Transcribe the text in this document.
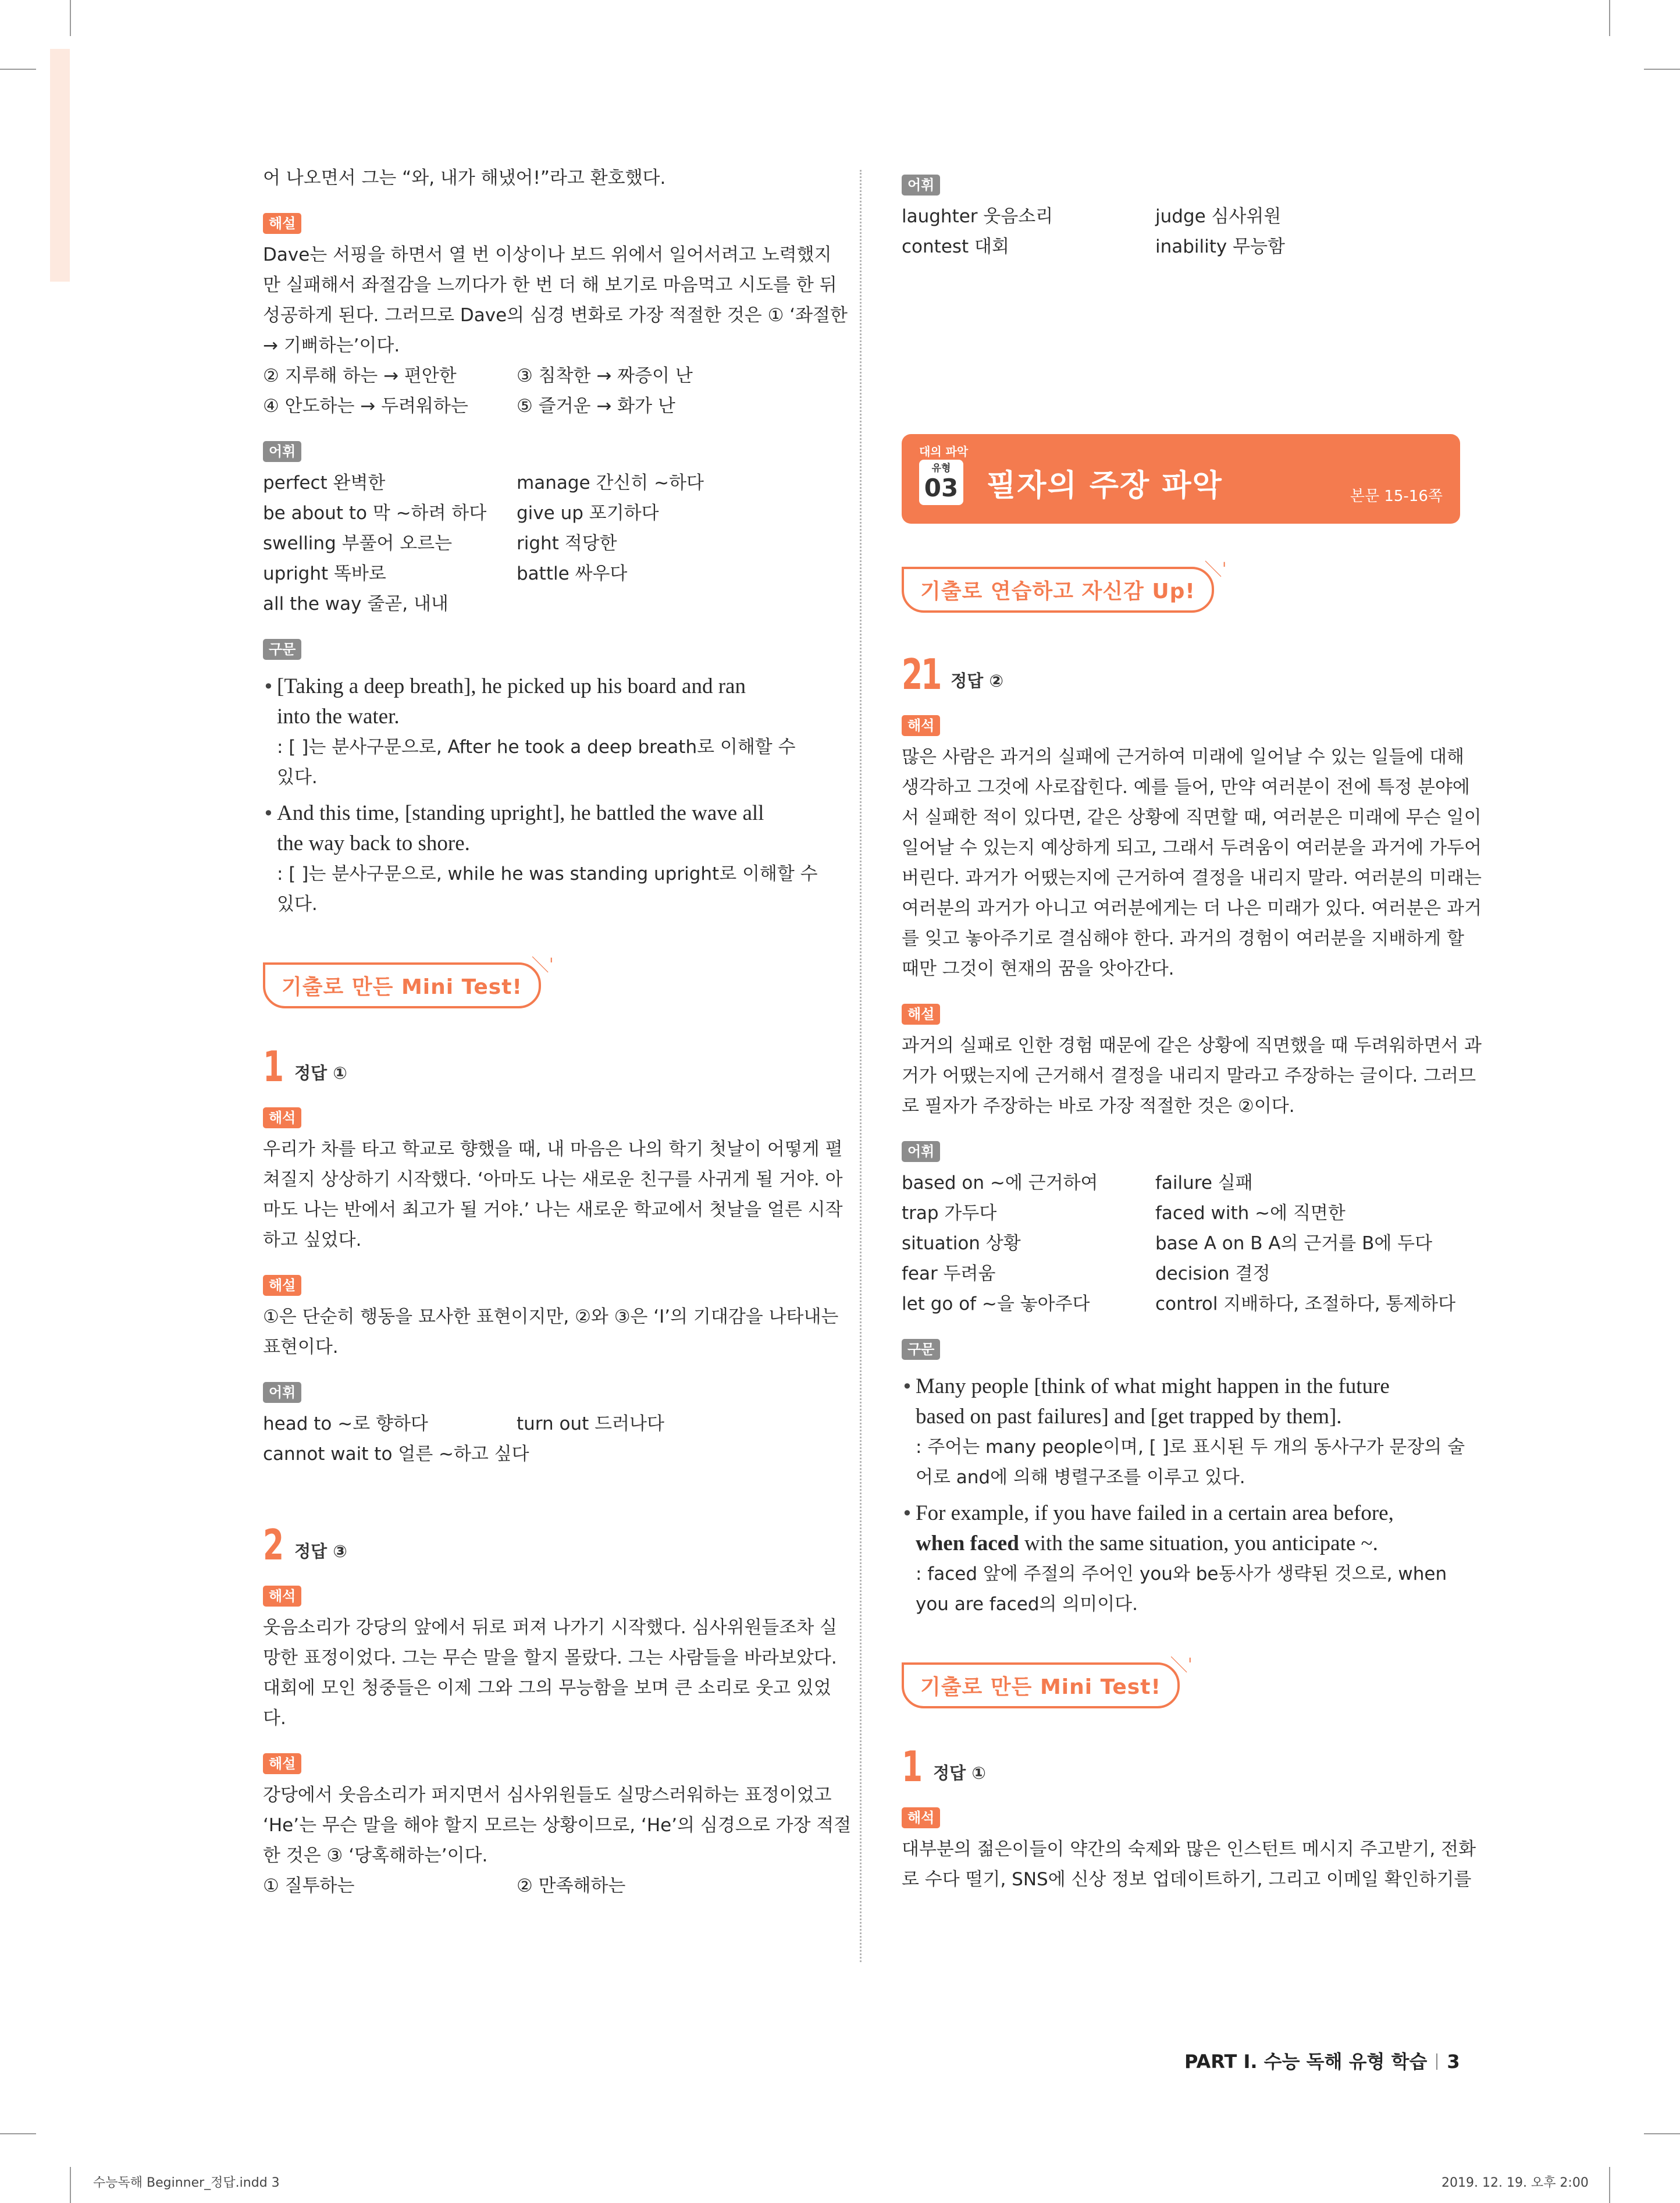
어 나오면서 그는 “와, 내가 해냈어!”라고 환호했다.

해설

Dave는 서핑을 하면서 열 번 이상이나 보드 위에서 일어서려고 노력했지

만 실패해서 좌절감을 느끼다가 한 번 더 해 보기로 마음먹고 시도를 한 뒤

성공하게 된다. 그러므로 Dave의 심경 변화로 가장 적절한 것은 ① ‘좌절한

→ 기뻐하는’이다.

② 지루해 하는 → 편안한	③ 침착한 → 짜증이 난
④ 안도하는 → 두려워하는	⑤ 즐거운 → 화가 난
어휘
perfect 완벽한	manage 간신히 ~하다
be about to 막 ~하려 하다	give up 포기하다
swelling 부풀어 오르는	right 적당한
upright 똑바로	battle 싸우다
all the way 줄곧, 내내
구문
• [Taking a deep breath], he picked up his board and ran

into the water.

: [ ]는 분사구문으로, After he took a deep breath로 이해할 수

있다.

• And this time, [standing upright], he battled the wave all

the way back to shore.

: [ ]는 분사구문으로, while he was standing upright로 이해할 수

있다.

기출로 만든 Mini Test!
＼ˈ
1 정답 ①
해석

우리가 차를 타고 학교로 향했을 때, 내 마음은 나의 학기 첫날이 어떻게 펼

쳐질지 상상하기 시작했다. ‘아마도 나는 새로운 친구를 사귀게 될 거야. 아

마도 나는 반에서 최고가 될 거야.’ 나는 새로운 학교에서 첫날을 얼른 시작

하고 싶었다.

해설

①은 단순히 행동을 묘사한 표현이지만, ②와 ③은 ‘I’의 기대감을 나타내는

표현이다.

어휘
head to ~로 향하다	turn out 드러나다
cannot wait to 얼른 ~하고 싶다
2 정답 ③
해석

웃음소리가 강당의 앞에서 뒤로 퍼져 나가기 시작했다. 심사위원들조차 실

망한 표정이었다. 그는 무슨 말을 할지 몰랐다. 그는 사람들을 바라보았다.

대회에 모인 청중들은 이제 그와 그의 무능함을 보며 큰 소리로 웃고 있었

다.

해설

강당에서 웃음소리가 퍼지면서 심사위원들도 실망스러워하는 표정이었고

‘He’는 무슨 말을 해야 할지 모르는 상황이므로, ‘He’의 심경으로 가장 적절

한 것은 ③ ‘당혹해하는’이다.

① 질투하는	② 만족해하는
어휘
laughter 웃음소리	judge 심사위원
contest 대회	inability 무능함
대의 파악
유형
03 필자의 주장 파악	본문 15-16쪽
기출로 연습하고 자신감 Up!
＼ˈ
21 정답 ②
해석

많은 사람은 과거의 실패에 근거하여 미래에 일어날 수 있는 일들에 대해

생각하고 그것에 사로잡힌다. 예를 들어, 만약 여러분이 전에 특정 분야에

서 실패한 적이 있다면, 같은 상황에 직면할 때, 여러분은 미래에 무슨 일이

일어날 수 있는지 예상하게 되고, 그래서 두려움이 여러분을 과거에 가두어

버린다. 과거가 어땠는지에 근거하여 결정을 내리지 말라. 여러분의 미래는

여러분의 과거가 아니고 여러분에게는 더 나은 미래가 있다. 여러분은 과거

를 잊고 놓아주기로 결심해야 한다. 과거의 경험이 여러분을 지배하게 할

때만 그것이 현재의 꿈을 앗아간다.

해설

과거의 실패로 인한 경험 때문에 같은 상황에 직면했을 때 두려워하면서 과

거가 어땠는지에 근거해서 결정을 내리지 말라고 주장하는 글이다. 그러므

로 필자가 주장하는 바로 가장 적절한 것은 ②이다.

어휘
based on ~에 근거하여	failure 실패
trap 가두다	faced with ~에 직면한
situation 상황	base A on B A의 근거를 B에 두다
fear 두려움	decision 결정
let go of ~을 놓아주다	control 지배하다, 조절하다, 통제하다
구문
• Many people [think of what might happen in the future

based on past failures] and [get trapped by them].

: 주어는 many people이며, [ ]로 표시된 두 개의 동사구가 문장의 술

어로 and에 의해 병렬구조를 이루고 있다.

• For example, if you have failed in a certain area before,

when faced with the same situation, you anticipate ~.

: faced 앞에 주절의 주어인 you와 be동사가 생략된 것으로, when

you are faced의 의미이다.

기출로 만든 Mini Test!
＼ˈ
1 정답 ①
해석

대부분의 젊은이들이 약간의 숙제와 많은 인스턴트 메시지 주고받기, 전화

로 수다 떨기, SNS에 신상 정보 업데이트하기, 그리고 이메일 확인하기를

PART Ⅰ. 수능 독해 유형 학습 3
수능독해 Beginner_정답.indd 3	2019. 12. 19. 오후 2:00
